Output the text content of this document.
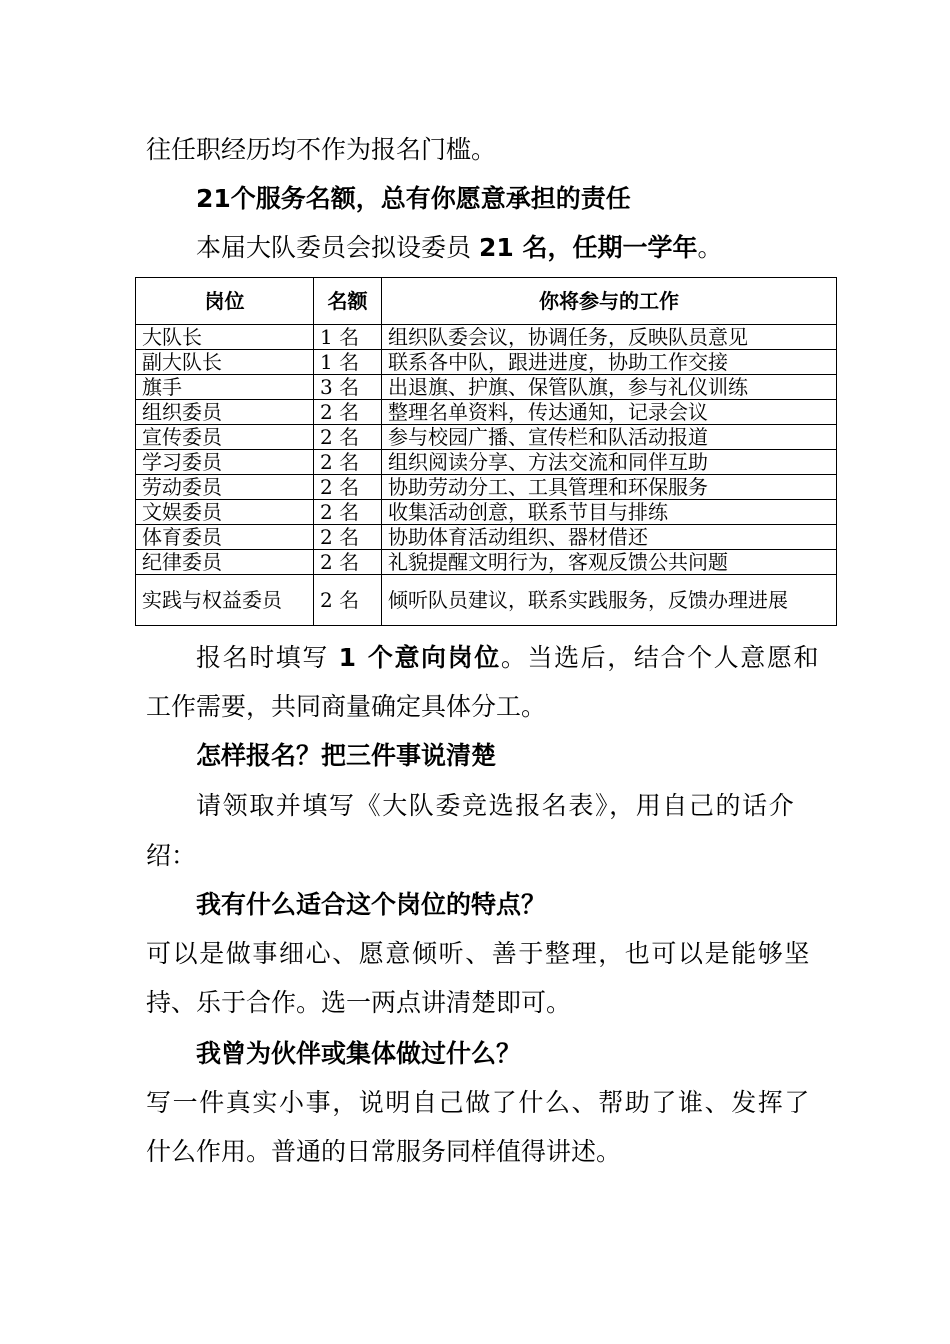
往任职经历均不作为报名门槛。
21个服务名额，总有你愿意承担的责任
本届大队委员会拟设委员 21 名，任期一学年。
岗位	名额	你将参与的工作
大队长	1 名	组织队委会议，协调任务，反映队员意见
副大队长	1 名	联系各中队，跟进进度，协助工作交接
旗手	3 名	出退旗、护旗、保管队旗，参与礼仪训练
组织委员	2 名	整理名单资料，传达通知，记录会议
宣传委员	2 名	参与校园广播、宣传栏和队活动报道
学习委员	2 名	组织阅读分享、方法交流和同伴互助
劳动委员	2 名	协助劳动分工、工具管理和环保服务
文娱委员	2 名	收集活动创意，联系节目与排练
体育委员	2 名	协助体育活动组织、器材借还
纪律委员	2 名	礼貌提醒文明行为，客观反馈公共问题
实践与权益委员	2 名	倾听队员建议，联系实践服务，反馈办理进展
报名时填写 1 个意向岗位。当选后，结合个人意愿和
工作需要，共同商量确定具体分工。
怎样报名？把三件事说清楚
请领取并填写《大队委竞选报名表》，用自己的话介
绍：
我有什么适合这个岗位的特点？
可以是做事细心、愿意倾听、善于整理，也可以是能够坚
持、乐于合作。选一两点讲清楚即可。
我曾为伙伴或集体做过什么？
写一件真实小事，说明自己做了什么、帮助了谁、发挥了
什么作用。普通的日常服务同样值得讲述。
